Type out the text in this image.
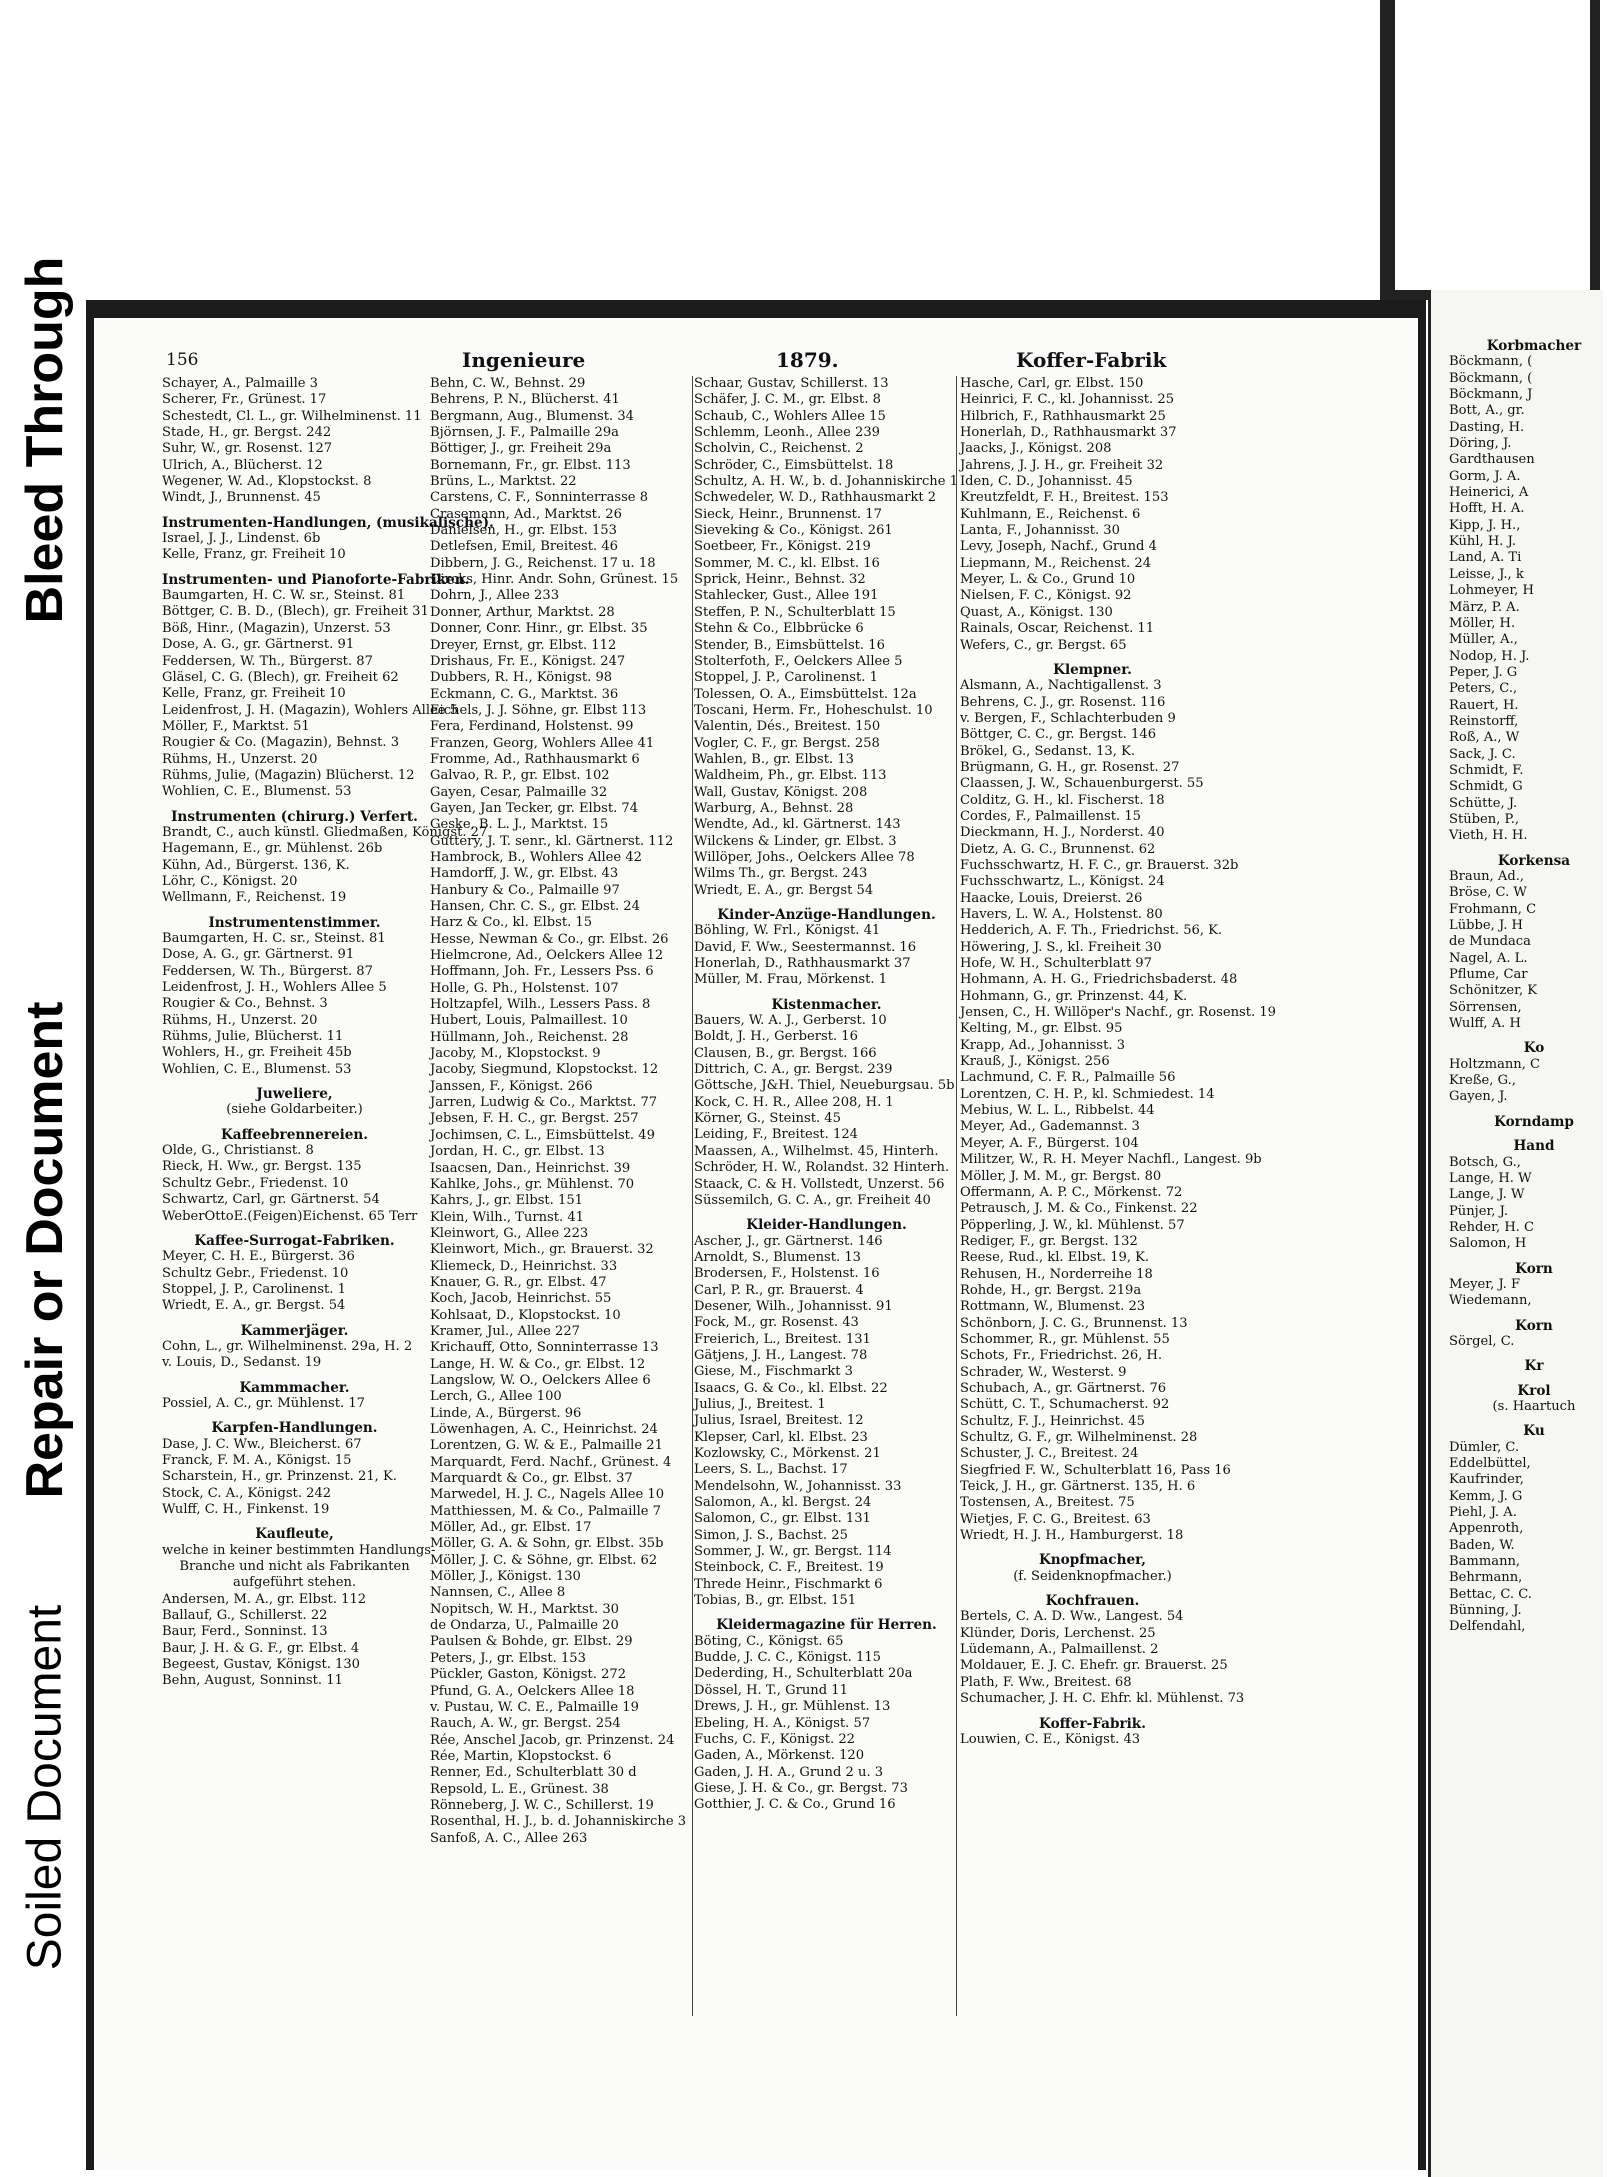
Bleed Through
Repair or Document
Soiled Document
156	Ingenieure	1879.	Koffer-Fabrik
Schayer, A., Palmaille 3
Scherer, Fr., Grünest. 17
Schestedt, Cl. L., gr. Wilhelminenst. 11
Stade, H., gr. Bergst. 242
Suhr, W., gr. Rosenst. 127
Ulrich, A., Blücherst. 12
Wegener, W. Ad., Klopstockst. 8
Windt, J., Brunnenst. 45
Instrumenten-Handlungen, (musikalische).
Israel, J. J., Lindenst. 6b
Kelle, Franz, gr. Freiheit 10
Instrumenten- und Pianoforte-Fabriken.
Baumgarten, H. C. W. sr., Steinst. 81
Böttger, C. B. D., (Blech), gr. Freiheit 31
Böß, Hinr., (Magazin), Unzerst. 53
Dose, A. G., gr. Gärtnerst. 91
Feddersen, W. Th., Bürgerst. 87
Gläsel, C. G. (Blech), gr. Freiheit 62
Kelle, Franz, gr. Freiheit 10
Leidenfrost, J. H. (Magazin), Wohlers Allee 5
Möller, F., Marktst. 51
Rougier & Co. (Magazin), Behnst. 3
Rühms, H., Unzerst. 20
Rühms, Julie, (Magazin) Blücherst. 12
Wohlien, C. E., Blumenst. 53
Instrumenten (chirurg.) Verfert.
Brandt, C., auch künstl. Gliedmaßen, Königst. 27
Hagemann, E., gr. Mühlenst. 26b
Kühn, Ad., Bürgerst. 136, K.
Löhr, C., Königst. 20
Wellmann, F., Reichenst. 19
Instrumentenstimmer.
Baumgarten, H. C. sr., Steinst. 81
Dose, A. G., gr. Gärtnerst. 91
Feddersen, W. Th., Bürgerst. 87
Leidenfrost, J. H., Wohlers Allee 5
Rougier & Co., Behnst. 3
Rühms, H., Unzerst. 20
Rühms, Julie, Blücherst. 11
Wohlers, H., gr. Freiheit 45b
Wohlien, C. E., Blumenst. 53
Juweliere,
(siehe Goldarbeiter.)
Kaffeebrennereien.
Olde, G., Christianst. 8
Rieck, H. Ww., gr. Bergst. 135
Schultz Gebr., Friedenst. 10
Schwartz, Carl, gr. Gärtnerst. 54
WeberOttoE.(Feigen)Eichenst. 65 Terr
Kaffee-Surrogat-Fabriken.
Meyer, C. H. E., Bürgerst. 36
Schultz Gebr., Friedenst. 10
Stoppel, J. P., Carolinenst. 1
Wriedt, E. A., gr. Bergst. 54
Kammerjäger.
Cohn, L., gr. Wilhelminenst. 29a, H. 2
v. Louis, D., Sedanst. 19
Kammmacher.
Possiel, A. C., gr. Mühlenst. 17
Karpfen-Handlungen.
Dase, J. C. Ww., Bleicherst. 67
Franck, F. M. A., Königst. 15
Scharstein, H., gr. Prinzenst. 21, K.
Stock, C. A., Königst. 242
Wulff, C. H., Finkenst. 19
Kaufleute,
welche in keiner bestimmten Handlungs-
Branche und nicht als Fabrikanten
aufgeführt stehen.
Andersen, M. A., gr. Elbst. 112
Ballauf, G., Schillerst. 22
Baur, Ferd., Sonninst. 13
Baur, J. H. & G. F., gr. Elbst. 4
Begeest, Gustav, Königst. 130
Behn, August, Sonninst. 11
Behn, C. W., Behnst. 29
Behrens, P. N., Blücherst. 41
Bergmann, Aug., Blumenst. 34
Björnsen, J. F., Palmaille 29a
Böttiger, J., gr. Freiheit 29a
Bornemann, Fr., gr. Elbst. 113
Brüns, L., Marktst. 22
Carstens, C. F., Sonninterrasse 8
Crasemann, Ad., Marktst. 26
Danielsen, H., gr. Elbst. 153
Detlefsen, Emil, Breitest. 46
Dibbern, J. G., Reichenst. 17 u. 18
Dircks, Hinr. Andr. Sohn, Grünest. 15
Dohrn, J., Allee 233
Donner, Arthur, Marktst. 28
Donner, Conr. Hinr., gr. Elbst. 35
Dreyer, Ernst, gr. Elbst. 112
Drishaus, Fr. E., Königst. 247
Dubbers, R. H., Königst. 98
Eckmann, C. G., Marktst. 36
Eichels, J. J. Söhne, gr. Elbst 113
Fera, Ferdinand, Holstenst. 99
Franzen, Georg, Wohlers Allee 41
Fromme, Ad., Rathhausmarkt 6
Galvao, R. P., gr. Elbst. 102
Gayen, Cesar, Palmaille 32
Gayen, Jan Tecker, gr. Elbst. 74
Geske, B. L. J., Marktst. 15
Guttery, J. T. senr., kl. Gärtnerst. 112
Hambrock, B., Wohlers Allee 42
Hamdorff, J. W., gr. Elbst. 43
Hanbury & Co., Palmaille 97
Hansen, Chr. C. S., gr. Elbst. 24
Harz & Co., kl. Elbst. 15
Hesse, Newman & Co., gr. Elbst. 26
Hielmcrone, Ad., Oelckers Allee 12
Hoffmann, Joh. Fr., Lessers Pss. 6
Holle, G. Ph., Holstenst. 107
Holtzapfel, Wilh., Lessers Pass. 8
Hubert, Louis, Palmaillest. 10
Hüllmann, Joh., Reichenst. 28
Jacoby, M., Klopstockst. 9
Jacoby, Siegmund, Klopstockst. 12
Janssen, F., Königst. 266
Jarren, Ludwig & Co., Marktst. 77
Jebsen, F. H. C., gr. Bergst. 257
Jochimsen, C. L., Eimsbüttelst. 49
Jordan, H. C., gr. Elbst. 13
Isaacsen, Dan., Heinrichst. 39
Kahlke, Johs., gr. Mühlenst. 70
Kahrs, J., gr. Elbst. 151
Klein, Wilh., Turnst. 41
Kleinwort, G., Allee 223
Kleinwort, Mich., gr. Brauerst. 32
Kliemeck, D., Heinrichst. 33
Knauer, G. R., gr. Elbst. 47
Koch, Jacob, Heinrichst. 55
Kohlsaat, D., Klopstockst. 10
Kramer, Jul., Allee 227
Krichauff, Otto, Sonninterrasse 13
Lange, H. W. & Co., gr. Elbst. 12
Langslow, W. O., Oelckers Allee 6
Lerch, G., Allee 100
Linde, A., Bürgerst. 96
Löwenhagen, A. C., Heinrichst. 24
Lorentzen, G. W. & E., Palmaille 21
Marquardt, Ferd. Nachf., Grünest. 4
Marquardt & Co., gr. Elbst. 37
Marwedel, H. J. C., Nagels Allee 10
Matthiessen, M. & Co., Palmaille 7
Möller, Ad., gr. Elbst. 17
Möller, G. A. & Sohn, gr. Elbst. 35b
Möller, J. C. & Söhne, gr. Elbst. 62
Möller, J., Königst. 130
Nannsen, C., Allee 8
Nopitsch, W. H., Marktst. 30
de Ondarza, U., Palmaille 20
Paulsen & Bohde, gr. Elbst. 29
Peters, J., gr. Elbst. 153
Pückler, Gaston, Königst. 272
Pfund, G. A., Oelckers Allee 18
v. Pustau, W. C. E., Palmaille 19
Rauch, A. W., gr. Bergst. 254
Rée, Anschel Jacob, gr. Prinzenst. 24
Rée, Martin, Klopstockst. 6
Renner, Ed., Schulterblatt 30 d
Repsold, L. E., Grünest. 38
Rönneberg, J. W. C., Schillerst. 19
Rosenthal, H. J., b. d. Johanniskirche 3
Sanfoß, A. C., Allee 263
Schaar, Gustav, Schillerst. 13
Schäfer, J. C. M., gr. Elbst. 8
Schaub, C., Wohlers Allee 15
Schlemm, Leonh., Allee 239
Scholvin, C., Reichenst. 2
Schröder, C., Eimsbüttelst. 18
Schultz, A. H. W., b. d. Johanniskirche 1
Schwedeler, W. D., Rathhausmarkt 2
Sieck, Heinr., Brunnenst. 17
Sieveking & Co., Königst. 261
Soetbeer, Fr., Königst. 219
Sommer, M. C., kl. Elbst. 16
Sprick, Heinr., Behnst. 32
Stahlecker, Gust., Allee 191
Steffen, P. N., Schulterblatt 15
Stehn & Co., Elbbrücke 6
Stender, B., Eimsbüttelst. 16
Stolterfoth, F., Oelckers Allee 5
Stoppel, J. P., Carolinenst. 1
Tolessen, O. A., Eimsbüttelst. 12a
Toscani, Herm. Fr., Hoheschulst. 10
Valentin, Dés., Breitest. 150
Vogler, C. F., gr. Bergst. 258
Wahlen, B., gr. Elbst. 13
Waldheim, Ph., gr. Elbst. 113
Wall, Gustav, Königst. 208
Warburg, A., Behnst. 28
Wendte, Ad., kl. Gärtnerst. 143
Wilckens & Linder, gr. Elbst. 3
Willöper, Johs., Oelckers Allee 78
Wilms Th., gr. Bergst. 243
Wriedt, E. A., gr. Bergst 54
Kinder-Anzüge-Handlungen.
Böhling, W. Frl., Königst. 41
David, F. Ww., Seestermannst. 16
Honerlah, D., Rathhausmarkt 37
Müller, M. Frau, Mörkenst. 1
Kistenmacher.
Bauers, W. A. J., Gerberst. 10
Boldt, J. H., Gerberst. 16
Clausen, B., gr. Bergst. 166
Dittrich, C. A., gr. Bergst. 239
Göttsche, J&H. Thiel, Neueburgsau. 5b
Kock, C. H. R., Allee 208, H. 1
Körner, G., Steinst. 45
Leiding, F., Breitest. 124
Maassen, A., Wilhelmst. 45, Hinterh.
Schröder, H. W., Rolandst. 32 Hinterh.
Staack, C. & H. Vollstedt, Unzerst. 56
Süssemilch, G. C. A., gr. Freiheit 40
Kleider-Handlungen.
Ascher, J., gr. Gärtnerst. 146
Arnoldt, S., Blumenst. 13
Brodersen, F., Holstenst. 16
Carl, P. R., gr. Brauerst. 4
Desener, Wilh., Johannisst. 91
Fock, M., gr. Rosenst. 43
Freierich, L., Breitest. 131
Gätjens, J. H., Langest. 78
Giese, M., Fischmarkt 3
Isaacs, G. & Co., kl. Elbst. 22
Julius, J., Breitest. 1
Julius, Israel, Breitest. 12
Klepser, Carl, kl. Elbst. 23
Kozlowsky, C., Mörkenst. 21
Leers, S. L., Bachst. 17
Mendelsohn, W., Johannisst. 33
Salomon, A., kl. Bergst. 24
Salomon, C., gr. Elbst. 131
Simon, J. S., Bachst. 25
Sommer, J. W., gr. Bergst. 114
Steinbock, C. F., Breitest. 19
Threde Heinr., Fischmarkt 6
Tobias, B., gr. Elbst. 151
Kleidermagazine für Herren.
Böting, C., Königst. 65
Budde, J. C. C., Königst. 115
Dederding, H., Schulterblatt 20a
Dössel, H. T., Grund 11
Drews, J. H., gr. Mühlenst. 13
Ebeling, H. A., Königst. 57
Fuchs, C. F., Königst. 22
Gaden, A., Mörkenst. 120
Gaden, J. H. A., Grund 2 u. 3
Giese, J. H. & Co., gr. Bergst. 73
Gotthier, J. C. & Co., Grund 16
Hasche, Carl, gr. Elbst. 150
Heinrici, F. C., kl. Johannisst. 25
Hilbrich, F., Rathhausmarkt 25
Honerlah, D., Rathhausmarkt 37
Jaacks, J., Königst. 208
Jahrens, J. J. H., gr. Freiheit 32
Iden, C. D., Johannisst. 45
Kreutzfeldt, F. H., Breitest. 153
Kuhlmann, E., Reichenst. 6
Lanta, F., Johannisst. 30
Levy, Joseph, Nachf., Grund 4
Liepmann, M., Reichenst. 24
Meyer, L. & Co., Grund 10
Nielsen, F. C., Königst. 92
Quast, A., Königst. 130
Rainals, Oscar, Reichenst. 11
Wefers, C., gr. Bergst. 65
Klempner.
Alsmann, A., Nachtigallenst. 3
Behrens, C. J., gr. Rosenst. 116
v. Bergen, F., Schlachterbuden 9
Böttger, C. C., gr. Bergst. 146
Brökel, G., Sedanst. 13, K.
Brügmann, G. H., gr. Rosenst. 27
Claassen, J. W., Schauenburgerst. 55
Colditz, G. H., kl. Fischerst. 18
Cordes, F., Palmaillenst. 15
Dieckmann, H. J., Norderst. 40
Dietz, A. G. C., Brunnenst. 62
Fuchsschwartz, H. F. C., gr. Brauerst. 32b
Fuchsschwartz, L., Königst. 24
Haacke, Louis, Dreierst. 26
Havers, L. W. A., Holstenst. 80
Hedderich, A. F. Th., Friedrichst. 56, K.
Höwering, J. S., kl. Freiheit 30
Hofe, W. H., Schulterblatt 97
Hohmann, A. H. G., Friedrichsbaderst. 48
Hohmann, G., gr. Prinzenst. 44, K.
Jensen, C., H. Willöper's Nachf., gr. Rosenst. 19
Kelting, M., gr. Elbst. 95
Krapp, Ad., Johannisst. 3
Krauß, J., Königst. 256
Lachmund, C. F. R., Palmaille 56
Lorentzen, C. H. P., kl. Schmiedest. 14
Mebius, W. L. L., Ribbelst. 44
Meyer, Ad., Gademannst. 3
Meyer, A. F., Bürgerst. 104
Militzer, W., R. H. Meyer Nachfl., Langest. 9b
Möller, J. M. M., gr. Bergst. 80
Offermann, A. P. C., Mörkenst. 72
Petrausch, J. M. & Co., Finkenst. 22
Pöpperling, J. W., kl. Mühlenst. 57
Rediger, F., gr. Bergst. 132
Reese, Rud., kl. Elbst. 19, K.
Rehusen, H., Norderreihe 18
Rohde, H., gr. Bergst. 219a
Rottmann, W., Blumenst. 23
Schönborn, J. C. G., Brunnenst. 13
Schommer, R., gr. Mühlenst. 55
Schots, Fr., Friedrichst. 26, H.
Schrader, W., Westerst. 9
Schubach, A., gr. Gärtnerst. 76
Schütt, C. T., Schumacherst. 92
Schultz, F. J., Heinrichst. 45
Schultz, G. F., gr. Wilhelminenst. 28
Schuster, J. C., Breitest. 24
Siegfried F. W., Schulterblatt 16, Pass 16
Teick, J. H., gr. Gärtnerst. 135, H. 6
Tostensen, A., Breitest. 75
Wietjes, F. C. G., Breitest. 63
Wriedt, H. J. H., Hamburgerst. 18
Knopfmacher,
(f. Seidenknopfmacher.)
Kochfrauen.
Bertels, C. A. D. Ww., Langest. 54
Klünder, Doris, Lerchenst. 25
Lüdemann, A., Palmaillenst. 2
Moldauer, E. J. C. Ehefr. gr. Brauerst. 25
Plath, F. Ww., Breitest. 68
Schumacher, J. H. C. Ehfr. kl. Mühlenst. 73
Koffer-Fabrik.
Louwien, C. E., Königst. 43
Korbmacher
Böckmann, (
Böckmann, (
Böckmann, J
Bott, A., gr.
Dasting, H.
Döring, J.
Gardthausen
Gorm, J. A.
Heinerici, A
Hofft, H. A.
Kipp, J. H.,
Kühl, H. J.
Land, A. Ti
Leisse, J., k
Lohmeyer, H
März, P. A.
Möller, H.
Müller, A.,
Nodop, H. J.
Peper, J. G
Peters, C.,
Rauert, H.
Reinstorff,
Roß, A., W
Sack, J. C.
Schmidt, F.
Schmidt, G
Schütte, J.
Stüben, P.,
Vieth, H. H.
Korkensa
Braun, Ad.,
Bröse, C. W
Frohmann, C
Lübbe, J. H
de Mundaca
Nagel, A. L.
Pflume, Car
Schönitzer, K
Sörrensen,
Wulff, A. H
Ko
Holtzmann, C
Kreße, G.,
Gayen, J.
Korndamp
Hand
Botsch, G.,
Lange, H. W
Lange, J. W
Pünjer, J.
Rehder, H. C
Salomon, H
Korn
Meyer, J. F
Wiedemann,
Korn
Sörgel, C.
Kr
Krol
(s. Haartuch
Ku
Dümler, C.
Eddelbüttel,
Kaufrinder,
Kemm, J. G
Piehl, J. A.
Appenroth,
Baden, W.
Bammann,
Behrmann,
Bettac, C. C.
Bünning, J.
Delfendahl,
